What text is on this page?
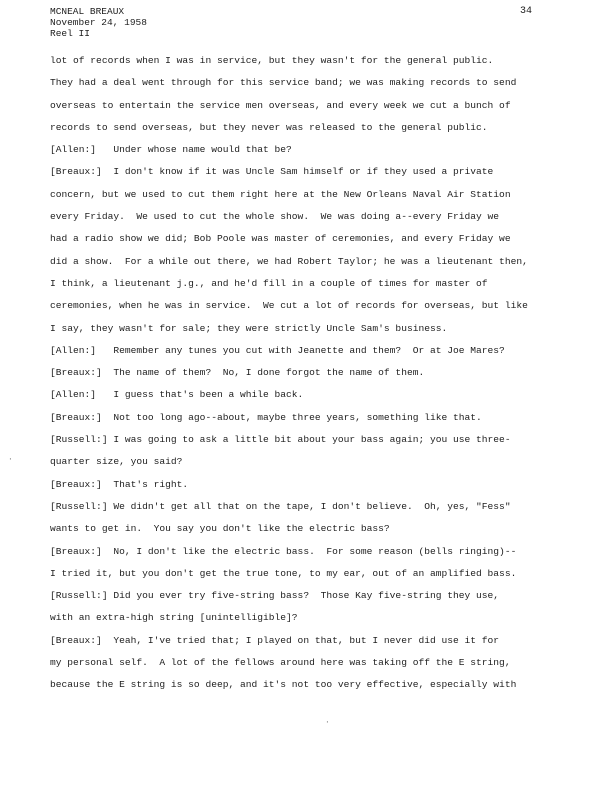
MCNEAL BREAUX
November 24, 1958
Reel II
34
lot of records when I was in service, but they wasn't for the general public.
They had a deal went through for this service band; we was making records to send
overseas to entertain the service men overseas, and every week we cut a bunch of
records to send overseas, but they never was released to the general public.
[Allen:]   Under whose name would that be?
[Breaux:]  I don't know if it was Uncle Sam himself or if they used a private
concern, but we used to cut them right here at the New Orleans Naval Air Station
every Friday.  We used to cut the whole show.  We was doing a--every Friday we
had a radio show we did; Bob Poole was master of ceremonies, and every Friday we
did a show.  For a while out there, we had Robert Taylor; he was a lieutenant then,
I think, a lieutenant j.g., and he'd fill in a couple of times for master of
ceremonies, when he was in service.  We cut a lot of records for overseas, but like
I say, they wasn't for sale; they were strictly Uncle Sam's business.
[Allen:]   Remember any tunes you cut with Jeanette and them?  Or at Joe Mares?
[Breaux:]  The name of them?  No, I done forgot the name of them.
[Allen:]   I guess that's been a while back.
[Breaux:]  Not too long ago--about, maybe three years, something like that.
[Russell:] I was going to ask a little bit about your bass again; you use three-
quarter size, you said?
[Breaux:]  That's right.
[Russell:] We didn't get all that on the tape, I don't believe.  Oh, yes, "Fess"
wants to get in.  You say you don't like the electric bass?
[Breaux:]  No, I don't like the electric bass.  For some reason (bells ringing)--
I tried it, but you don't get the true tone, to my ear, out of an amplified bass.
[Russell:] Did you ever try five-string bass?  Those Kay five-string they use,
with an extra-high string [unintelligible]?
[Breaux:]  Yeah, I've tried that; I played on that, but I never did use it for
my personal self.  A lot of the fellows around here was taking off the E string,
because the E string is so deep, and it's not too very effective, especially with
·
·
